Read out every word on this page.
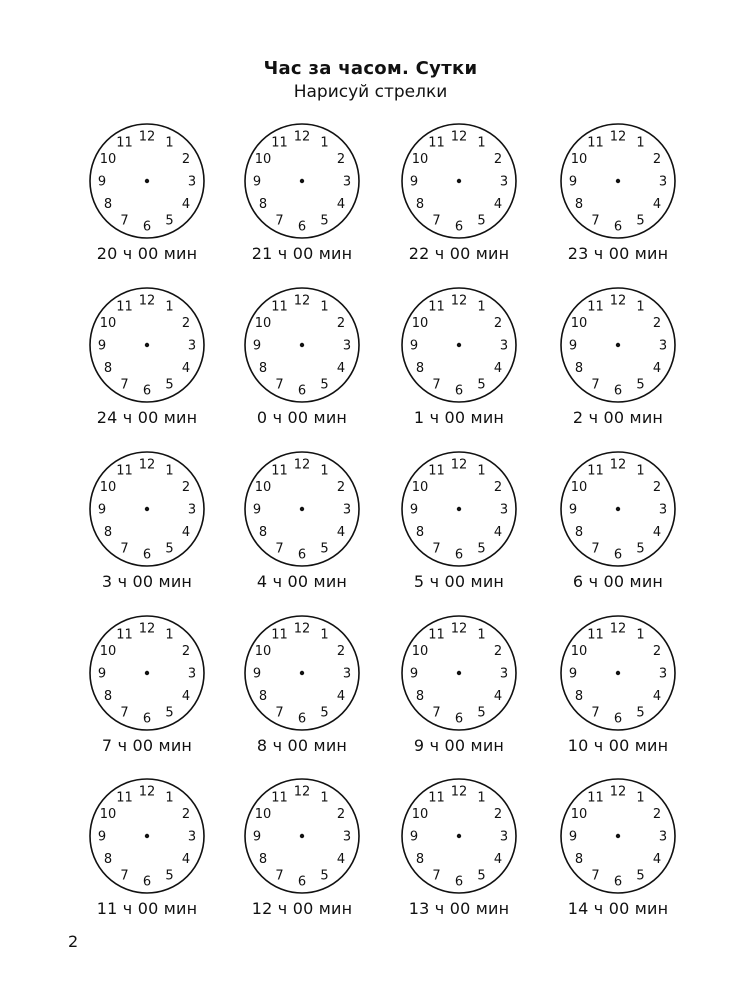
Час за часом. Сутки
Нарисуй стрелки
12 1
2
3
4
5
6
7
8
9
10
11
20 ч 00 мин
12 1
2
3
4
5
6
7
8
9
10
11
21 ч 00 мин
12 1
2
3
4
5
6
7
8
9
10
11
22 ч 00 мин
12 1
2
3
4
5
6
7
8
9
10
11
23 ч 00 мин
12 1
2
3
4
5
6
7
8
9
10
11
24 ч 00 мин
12 1
2
3
4
5
6
7
8
9
10
11
0 ч 00 мин
12 1
2
3
4
5
6
7
8
9
10
11
1 ч 00 мин
12 1
2
3
4
5
6
7
8
9
10
11
2 ч 00 мин
12 1
2
3
4
5
6
7
8
9
10
11
3 ч 00 мин
12 1
2
3
4
5
6
7
8
9
10
11
4 ч 00 мин
12 1
2
3
4
5
6
7
8
9
10
11
5 ч 00 мин
12 1
2
3
4
5
6
7
8
9
10
11
6 ч 00 мин
12 1
2
3
4
5
6
7
8
9
10
11
7 ч 00 мин
12 1
2
3
4
5
6
7
8
9
10
11
8 ч 00 мин
12 1
2
3
4
5
6
7
8
9
10
11
9 ч 00 мин
12 1
2
3
4
5
6
7
8
9
10
11
10 ч 00 мин
12 1
2
3
4
5
6
7
8
9
10
11
11 ч 00 мин
12 1
2
3
4
5
6
7
8
9
10
11
12 ч 00 мин
12 1
2
3
4
5
6
7
8
9
10
11
13 ч 00 мин
12 1
2
3
4
5
6
7
8
9
10
11
14 ч 00 мин
2
